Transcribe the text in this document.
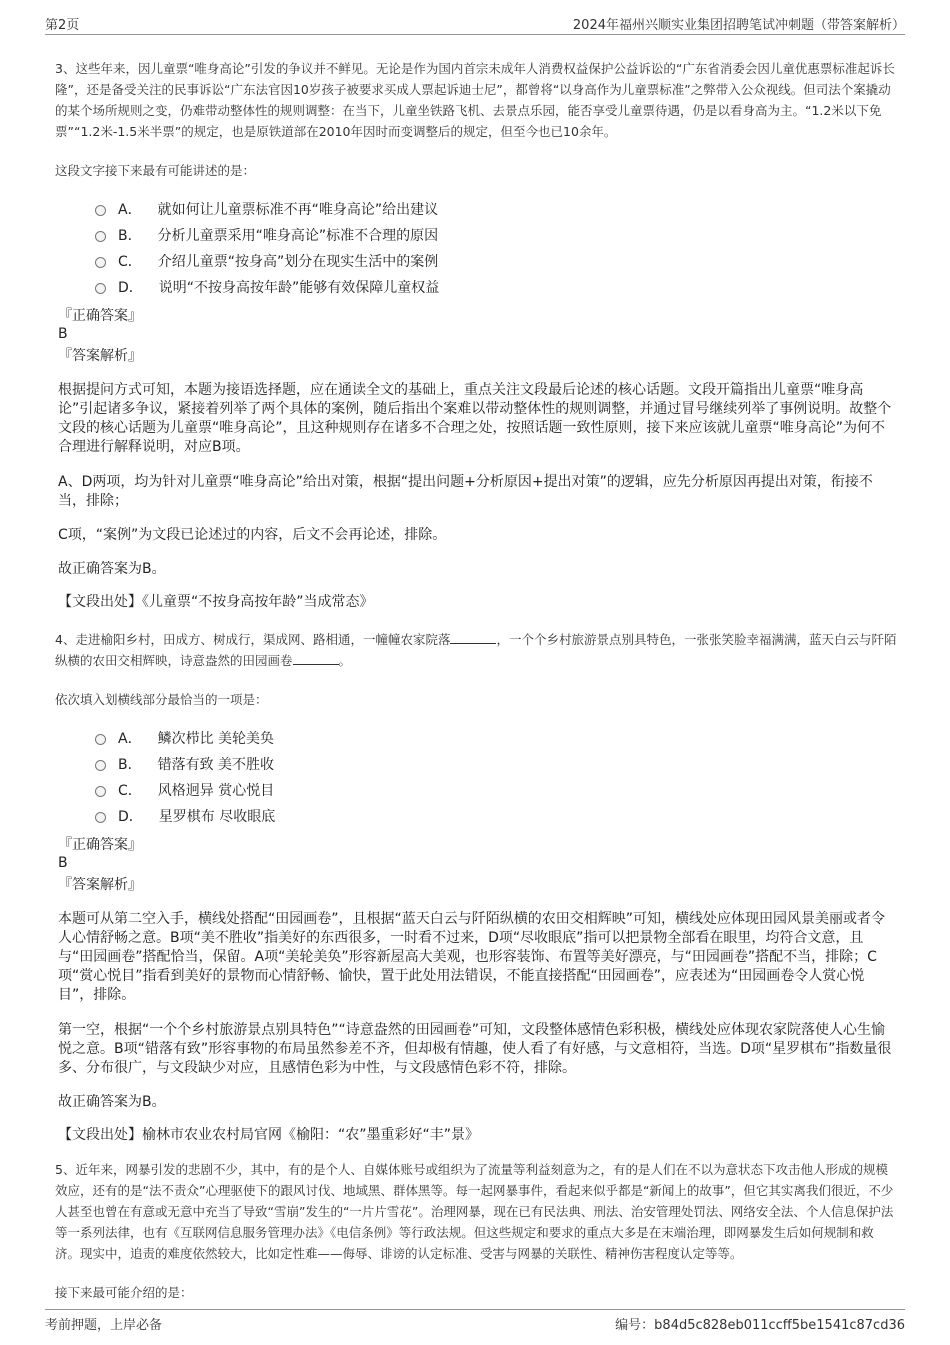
第2页	2024年福州兴顺实业集团招聘笔试冲刺题（带答案解析）

3、这些年来，因儿童票“唯身高论”引发的争议并不鲜见。无论是作为国内首宗未成年人消费权益保护公益诉讼的“广东省消委会因儿童优惠票标准起诉长隆”，还是备受关注的民事诉讼“广东法官因10岁孩子被要求买成人票起诉迪士尼”，都曾将“以身高作为儿童票标准”之弊带入公众视线。但司法个案撬动的某个场所规则之变，仍难带动整体性的规则调整：在当下，儿童坐铁路飞机、去景点乐园，能否享受儿童票待遇，仍是以看身高为主。“1.2米以下免票”“1.2米-1.5米半票”的规定，也是原铁道部在2010年因时而变调整后的规定，但至今也已10余年。

这段文字接下来最有可能讲述的是：

A． 就如何让儿童票标准不再“唯身高论”给出建议
B． 分析儿童票采用“唯身高论”标准不合理的原因
C． 介绍儿童票“按身高”划分在现实生活中的案例
D． 说明“不按身高按年龄”能够有效保障儿童权益

『正确答案』

B

『答案解析』

根据提问方式可知，本题为接语选择题，应在通读全文的基础上，重点关注文段最后论述的核心话题。文段开篇指出儿童票“唯身高论”引起诸多争议，紧接着列举了两个具体的案例，随后指出个案难以带动整体性的规则调整，并通过冒号继续列举了事例说明。故整个文段的核心话题为儿童票“唯身高论”，且这种规则存在诸多不合理之处，按照话题一致性原则，接下来应该就儿童票“唯身高论”为何不合理进行解释说明，对应B项。

A、D两项，均为针对儿童票“唯身高论”给出对策，根据“提出问题+分析原因+提出对策”的逻辑，应先分析原因再提出对策，衔接不当，排除；

C项，“案例”为文段已论述过的内容，后文不会再论述，排除。

故正确答案为B。

【文段出处】《儿童票“不按身高按年龄”当成常态》

4、走进榆阳乡村，田成方、树成行，渠成网、路相通，一幢幢农家院落	，一个个乡村旅游景点别具特色，一张张笑脸幸福满满，蓝天白云与阡陌纵横的农田交相辉映，诗意盎然的田园画卷	。

依次填入划横线部分最恰当的一项是：

A． 鳞次栉比 美轮美奂
B． 错落有致 美不胜收
C． 风格迥异 赏心悦目
D． 星罗棋布 尽收眼底

『正确答案』

B

『答案解析』

本题可从第二空入手，横线处搭配“田园画卷”，且根据“蓝天白云与阡陌纵横的农田交相辉映”可知，横线处应体现田园风景美丽或者令人心情舒畅之意。B项“美不胜收”指美好的东西很多，一时看不过来，D项“尽收眼底”指可以把景物全部看在眼里，均符合文意，且与“田园画卷”搭配恰当，保留。A项“美轮美奂”形容新屋高大美观，也形容装饰、布置等美好漂亮，与“田园画卷”搭配不当，排除；C项“赏心悦目”指看到美好的景物而心情舒畅、愉快，置于此处用法错误，不能直接搭配“田园画卷”，应表述为“田园画卷令人赏心悦目”，排除。

第一空，根据“一个个乡村旅游景点别具特色”“诗意盎然的田园画卷”可知，文段整体感情色彩积极，横线处应体现农家院落使人心生愉悦之意。B项“错落有致”形容事物的布局虽然参差不齐，但却极有情趣，使人看了有好感，与文意相符，当选。D项“星罗棋布”指数量很多、分布很广，与文段缺少对应，且感情色彩为中性，与文段感情色彩不符，排除。

故正确答案为B。

【文段出处】榆林市农业农村局官网《榆阳：“农”墨重彩好“丰”景》

5、近年来，网暴引发的悲剧不少，其中，有的是个人、自媒体账号或组织为了流量等利益刻意为之，有的是人们在不以为意状态下攻击他人形成的规模效应，还有的是“法不责众”心理驱使下的跟风讨伐、地域黑、群体黑等。每一起网暴事件，看起来似乎都是“新闻上的故事”，但它其实离我们很近，不少人甚至也曾在有意或无意中充当了导致“雪崩”发生的“一片片雪花”。治理网暴，现在已有民法典、刑法、治安管理处罚法、网络安全法、个人信息保护法等一系列法律，也有《互联网信息服务管理办法》《电信条例》等行政法规。但这些规定和要求的重点大多是在末端治理，即网暴发生后如何规制和救济。现实中，追责的难度依然较大，比如定性难——侮辱、诽谤的认定标准、受害与网暴的关联性、精神伤害程度认定等等。

接下来最可能介绍的是：

考前押题，上岸必备	编号：b84d5c828eb011ccff5be1541c87cd36
